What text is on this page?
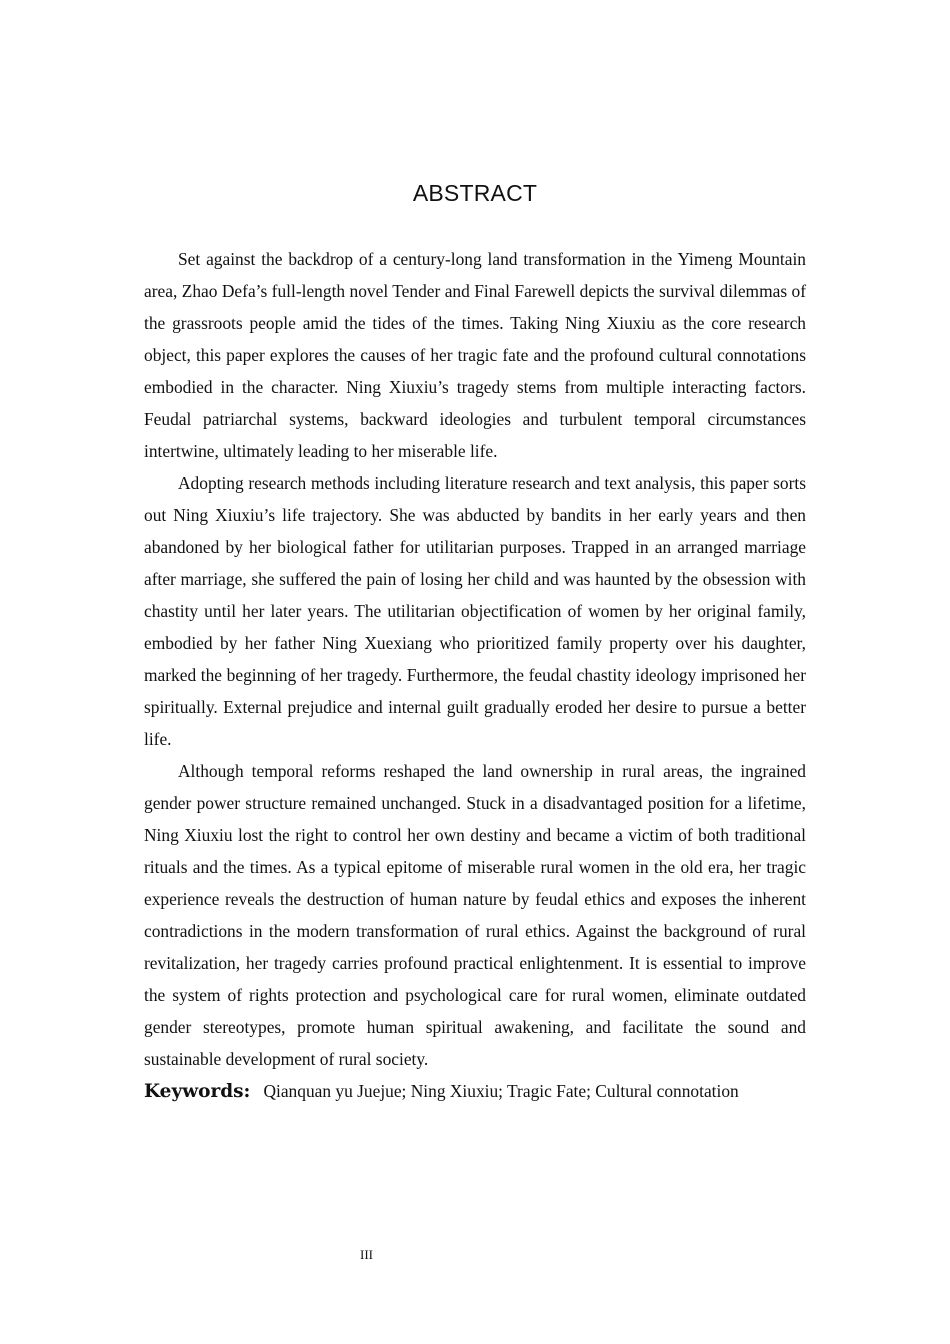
ABSTRACT

Set against the backdrop of a century-long land transformation in the Yimeng Mountain area, Zhao Defa’s full-length novel Tender and Final Farewell depicts the survival dilemmas of the grassroots people amid the tides of the times. Taking Ning Xiuxiu as the core research object, this paper explores the causes of her tragic fate and the profound cultural connotations embodied in the character. Ning Xiuxiu’s tragedy stems from multiple interacting factors. Feudal patriarchal systems, backward ideologies and turbulent temporal circumstances intertwine, ultimately leading to her miserable life.

Adopting research methods including literature research and text analysis, this paper sorts out Ning Xiuxiu’s life trajectory. She was abducted by bandits in her early years and then abandoned by her biological father for utilitarian purposes. Trapped in an arranged marriage after marriage, she suffered the pain of losing her child and was haunted by the obsession with chastity until her later years. The utilitarian objectification of women by her original family, embodied by her father Ning Xuexiang who prioritized family property over his daughter, marked the beginning of her tragedy. Furthermore, the feudal chastity ideology imprisoned her spiritually. External prejudice and internal guilt gradually eroded her desire to pursue a better life.

Although temporal reforms reshaped the land ownership in rural areas, the ingrained gender power structure remained unchanged. Stuck in a disadvantaged position for a lifetime, Ning Xiuxiu lost the right to control her own destiny and became a victim of both traditional rituals and the times. As a typical epitome of miserable rural women in the old era, her tragic experience reveals the destruction of human nature by feudal ethics and exposes the inherent contradictions in the modern transformation of rural ethics. Against the background of rural revitalization, her tragedy carries profound practical enlightenment. It is essential to improve the system of rights protection and psychological care for rural women, eliminate outdated gender stereotypes, promote human spiritual awakening, and facilitate the sound and sustainable development of rural society.

Keywords: Qianquan yu Juejue; Ning Xiuxiu; Tragic Fate; Cultural connotation

III
